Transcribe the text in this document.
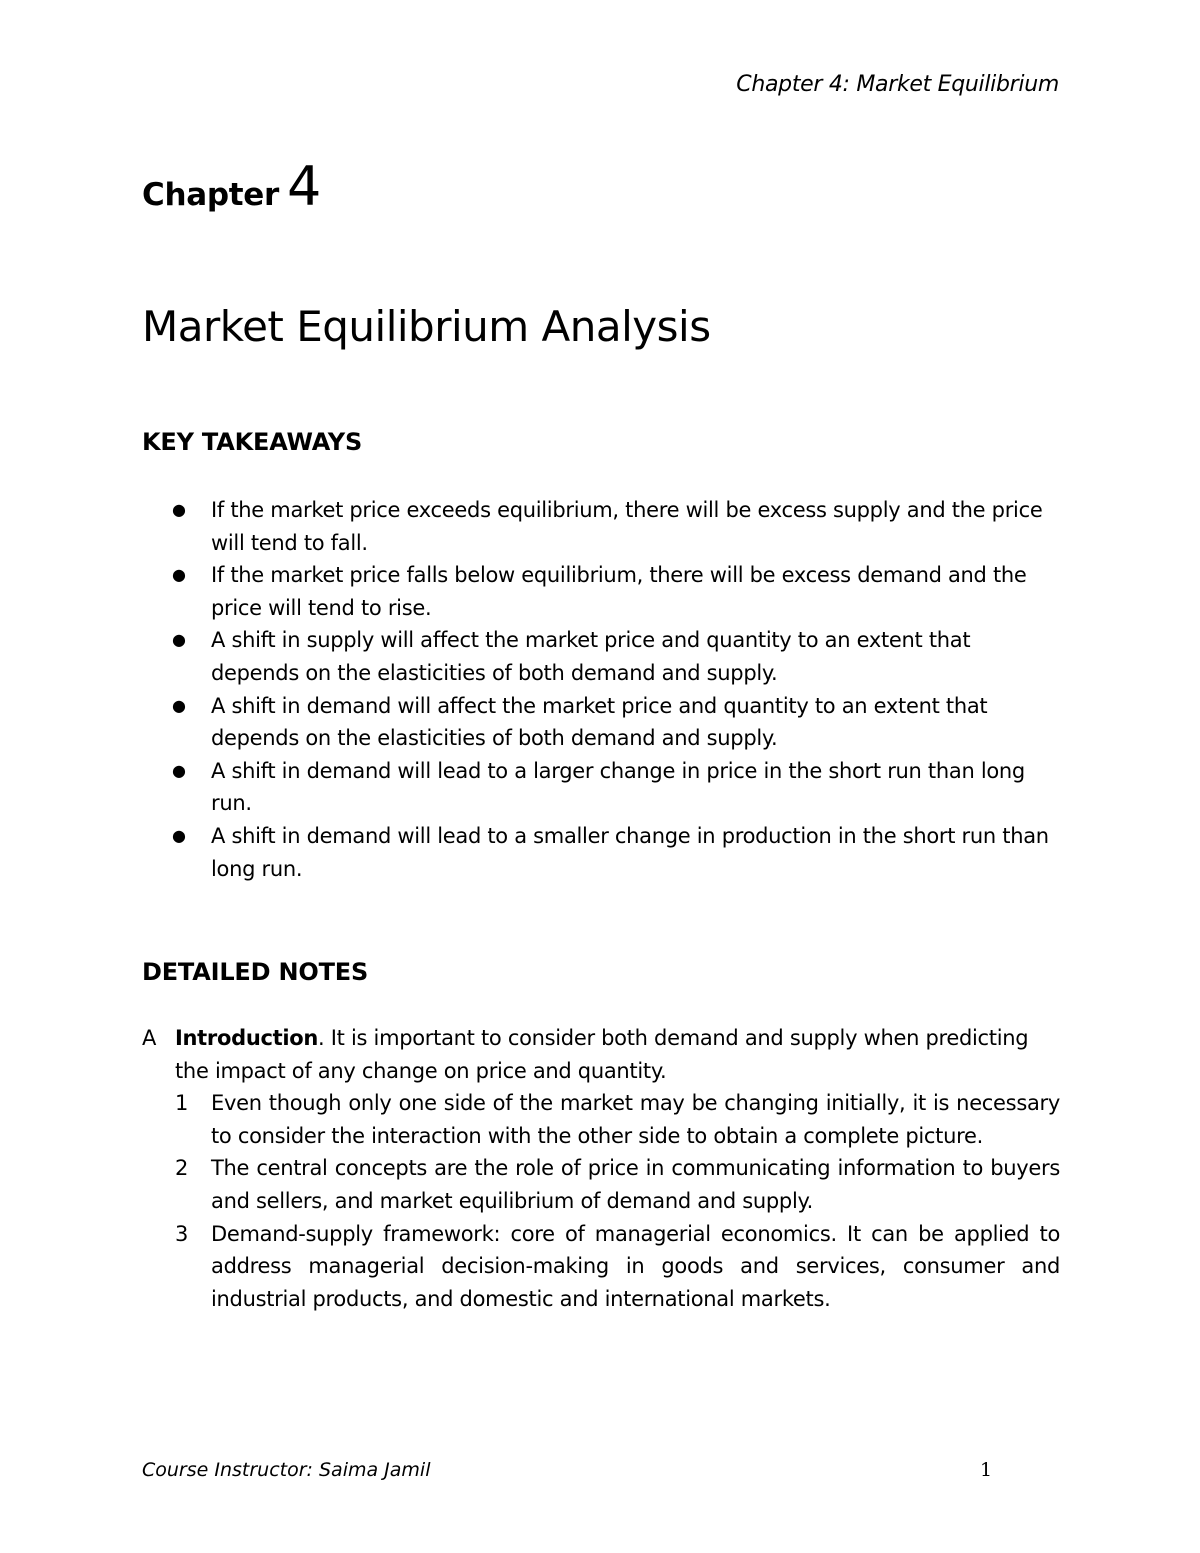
Chapter 4: Market Equilibrium
Chapter 4
Market Equilibrium Analysis
KEY TAKEAWAYS
● If the market price exceeds equilibrium, there will be excess supply and the price will tend to fall.
● If the market price falls below equilibrium, there will be excess demand and the price will tend to rise.
● A shift in supply will affect the market price and quantity to an extent that depends on the elasticities of both demand and supply.
● A shift in demand will affect the market price and quantity to an extent that depends on the elasticities of both demand and supply.
● A shift in demand will lead to a larger change in price in the short run than long run.
● A shift in demand will lead to a smaller change in production in the short run than long run.
DETAILED NOTES
A Introduction. It is important to consider both demand and supply when predicting the impact of any change on price and quantity.
1 Even though only one side of the market may be changing initially, it is necessary to consider the interaction with the other side to obtain a complete picture.
2 The central concepts are the role of price in communicating information to buyers and sellers, and market equilibrium of demand and supply.
3 Demand-supply framework: core of managerial economics. It can be applied to address managerial decision-making in goods and services, consumer and industrial products, and domestic and international markets.
Course Instructor: Saima Jamil	1
